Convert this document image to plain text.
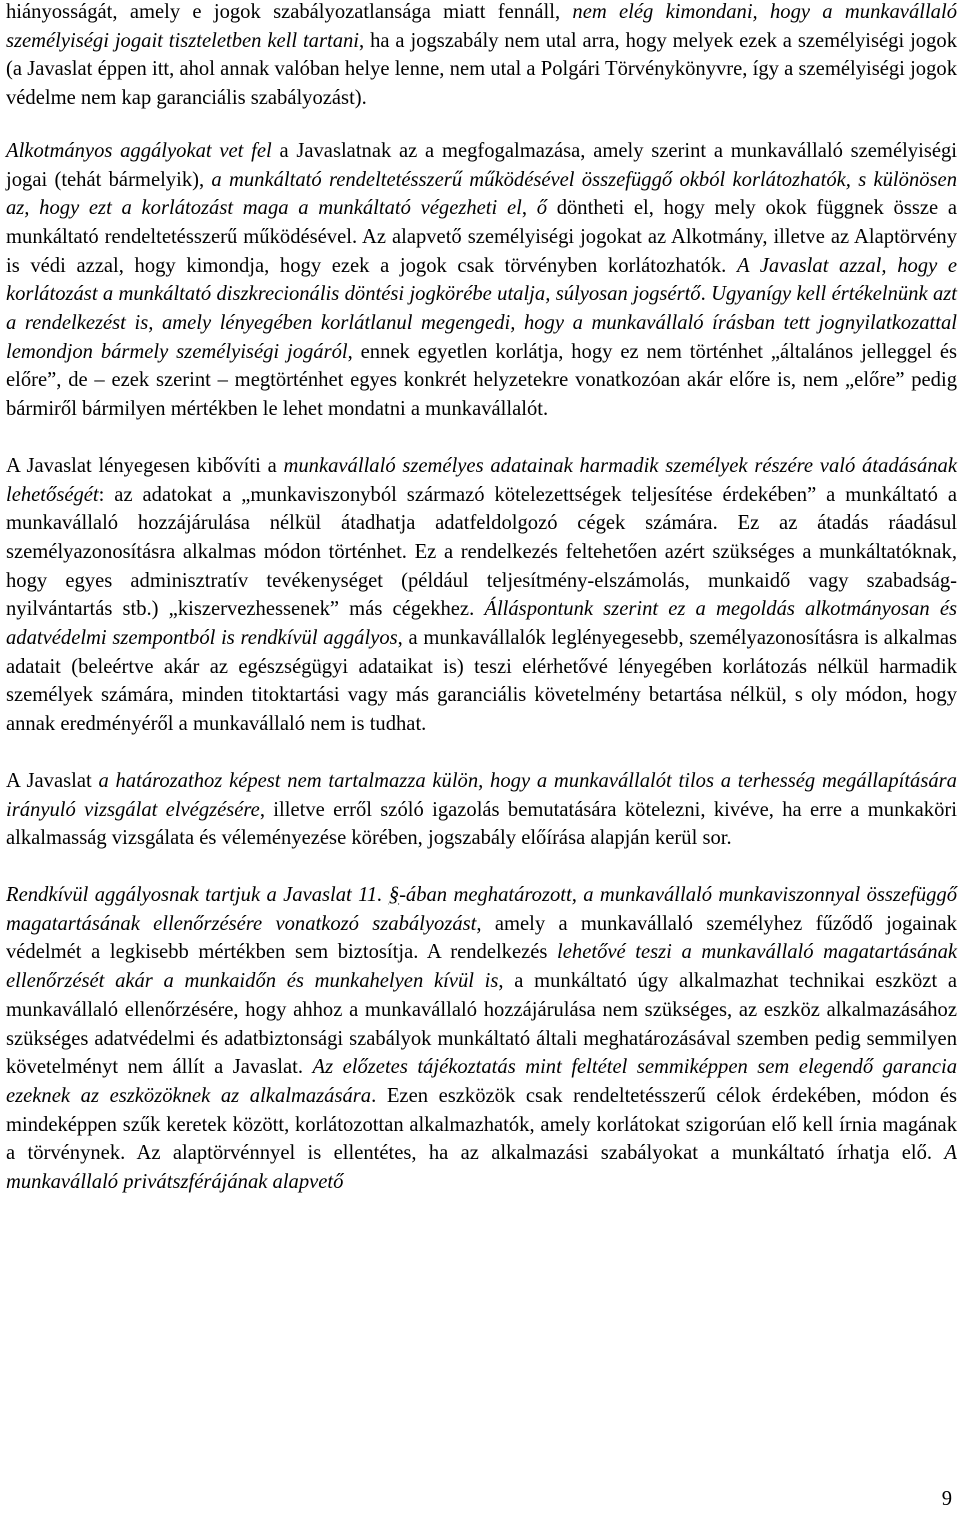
hiányosságát, amely e jogok szabályozatlansága miatt fennáll, nem elég kimondani, hogy a munkavállaló személyiségi jogait tiszteletben kell tartani, ha a jogszabály nem utal arra, hogy melyek ezek a személyiségi jogok (a Javaslat éppen itt, ahol annak valóban helye lenne, nem utal a Polgári Törvénykönyvre, így a személyiségi jogok védelme nem kap garanciális szabályozást).

Alkotmányos aggályokat vet fel a Javaslatnak az a megfogalmazása, amely szerint a munkavállaló személyiségi jogai (tehát bármelyik), a munkáltató rendeltetésszerű működésével összefüggő okból korlátozhatók, s különösen az, hogy ezt a korlátozást maga a munkáltató végezheti el, ő döntheti el, hogy mely okok függnek össze a munkáltató rendeltetésszerű működésével. Az alapvető személyiségi jogokat az Alkotmány, illetve az Alaptörvény is védi azzal, hogy kimondja, hogy ezek a jogok csak törvényben korlátozhatók. A Javaslat azzal, hogy e korlátozást a munkáltató diszkrecionális döntési jogkörébe utalja, súlyosan jogsértő. Ugyanígy kell értékelnünk azt a rendelkezést is, amely lényegében korlátlanul megengedi, hogy a munkavállaló írásban tett jognyilatkozattal lemondjon bármely személyiségi jogáról, ennek egyetlen korlátja, hogy ez nem történhet „általános jelleggel és előre”, de – ezek szerint – megtörténhet egyes konkrét helyzetekre vonatkozóan akár előre is, nem „előre” pedig bármiről bármilyen mértékben le lehet mondatni a munkavállalót.

A Javaslat lényegesen kibővíti a munkavállaló személyes adatainak harmadik személyek részére való átadásának lehetőségét: az adatokat a „munkaviszonyból származó kötelezettségek teljesítése érdekében” a munkáltató a munkavállaló hozzájárulása nélkül átadhatja adatfeldolgozó cégek számára. Ez az átadás ráadásul személyazonosításra alkalmas módon történhet. Ez a rendelkezés feltehetően azért szükséges a munkáltatóknak, hogy egyes adminisztratív tevékenységet (például teljesítmény-elszámolás, munkaidő vagy szabadság-nyilvántartás stb.) „kiszervezhessenek” más cégekhez. Álláspontunk szerint ez a megoldás alkotmányosan és adatvédelmi szempontból is rendkívül aggályos, a munkavállalók leglényegesebb, személyazonosításra is alkalmas adatait (beleértve akár az egészségügyi adataikat is) teszi elérhetővé lényegében korlátozás nélkül harmadik személyek számára, minden titoktartási vagy más garanciális követelmény betartása nélkül, s oly módon, hogy annak eredményéről a munkavállaló nem is tudhat.

A Javaslat a határozathoz képest nem tartalmazza külön, hogy a munkavállalót tilos a terhesség megállapítására irányuló vizsgálat elvégzésére, illetve erről szóló igazolás bemutatására kötelezni, kivéve, ha erre a munkaköri alkalmasság vizsgálata és véleményezése körében, jogszabály előírása alapján kerül sor.

Rendkívül aggályosnak tartjuk a Javaslat 11. §-ában meghatározott, a munkavállaló munkaviszonnyal összefüggő magatartásának ellenőrzésére vonatkozó szabályozást, amely a munkavállaló személyhez fűződő jogainak védelmét a legkisebb mértékben sem biztosítja. A rendelkezés lehetővé teszi a munkavállaló magatartásának ellenőrzését akár a munkaidőn és munkahelyen kívül is, a munkáltató úgy alkalmazhat technikai eszközt a munkavállaló ellenőrzésére, hogy ahhoz a munkavállaló hozzájárulása nem szükséges, az eszköz alkalmazásához szükséges adatvédelmi és adatbiztonsági szabályok munkáltató általi meghatározásával szemben pedig semmilyen követelményt nem állít a Javaslat. Az előzetes tájékoztatás mint feltétel semmiképpen sem elegendő garancia ezeknek az eszközöknek az alkalmazására. Ezen eszközök csak rendeltetésszerű célok érdekében, módon és mindeképpen szűk keretek között, korlátozottan alkalmazhatók, amely korlátokat szigorúan elő kell írnia magának a törvénynek. Az alaptörvénnyel is ellentétes, ha az alkalmazási szabályokat a munkáltató írhatja elő. A munkavállaló privátszférájának alapvető

9
